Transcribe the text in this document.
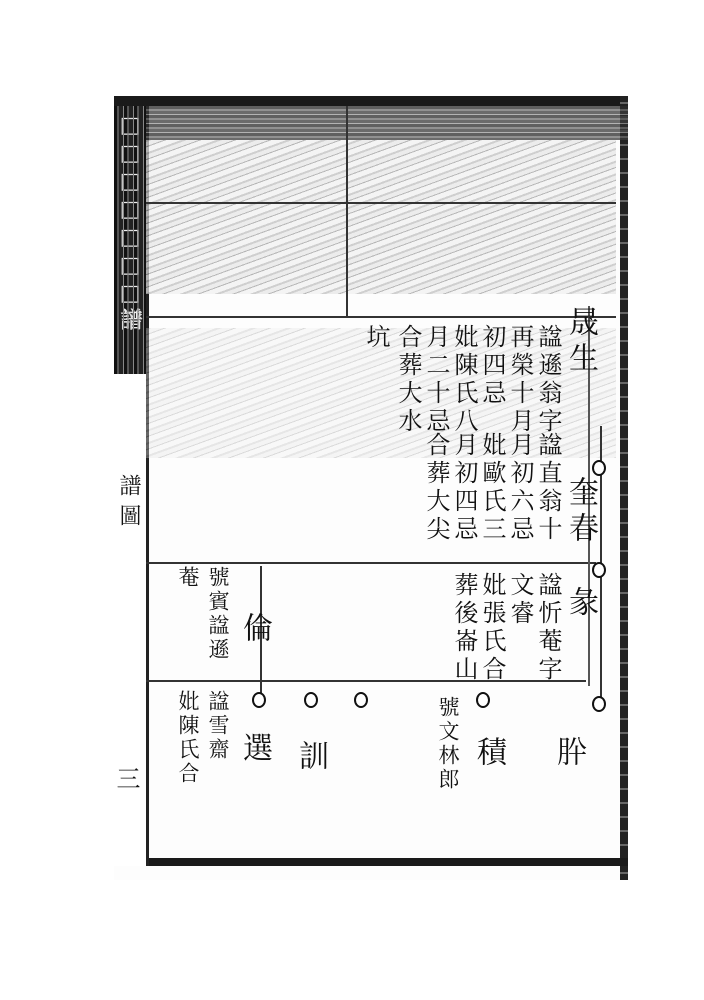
□□□□□□□譜
譜圖
三
晟生
奎春
彖
肸
諡遜翁字
再榮十月
初四忌
妣陳氏八
月二十忌
合葬大水
坑
諡直翁十
月初六忌
妣歐氏三
月初四忌
合葬大尖
諡忻菴字
文睿
妣張氏合
葬後崙山
倫
選 訓	積
號文林郎
號賓諡遜
菴
諡雪齋
妣陳氏合
